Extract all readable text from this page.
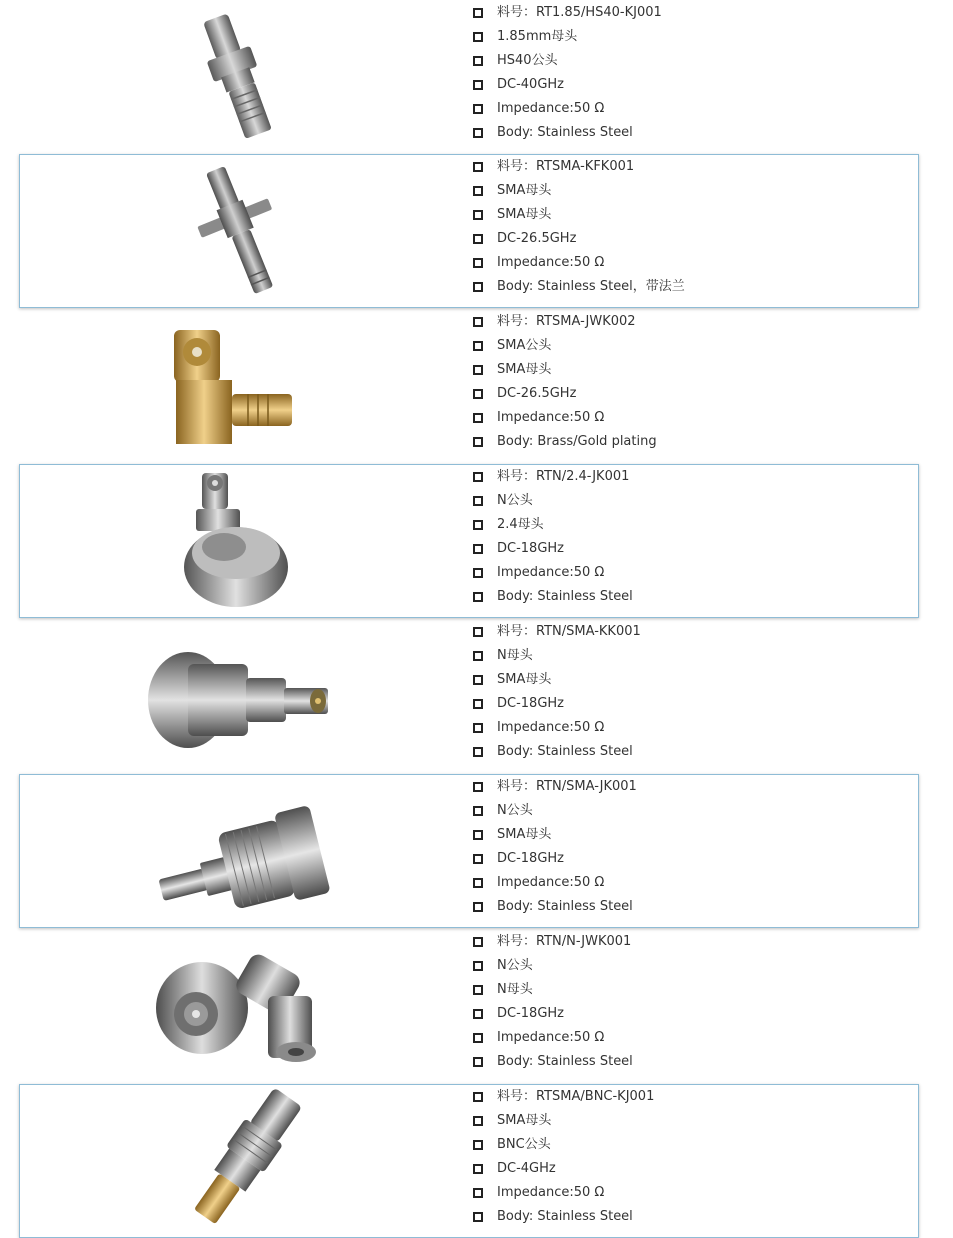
料号：RT1.85/HS40-KJ001
1.85mm母头
HS40公头
DC-40GHz
Impedance:50 Ω
Body: Stainless Steel
料号：RTSMA-KFK001
SMA母头
SMA母头
DC-26.5GHz
Impedance:50 Ω
Body: Stainless Steel，带法兰
料号：RTSMA-JWK002
SMA公头
SMA母头
DC-26.5GHz
Impedance:50 Ω
Body: Brass/Gold plating
料号：RTN/2.4-JK001
N公头
2.4母头
DC-18GHz
Impedance:50 Ω
Body: Stainless Steel
料号：RTN/SMA-KK001
N母头
SMA母头
DC-18GHz
Impedance:50 Ω
Body: Stainless Steel
料号：RTN/SMA-JK001
N公头
SMA母头
DC-18GHz
Impedance:50 Ω
Body: Stainless Steel
料号：RTN/N-JWK001
N公头
N母头
DC-18GHz
Impedance:50 Ω
Body: Stainless Steel
料号：RTSMA/BNC-KJ001
SMA母头
BNC公头
DC-4GHz
Impedance:50 Ω
Body: Stainless Steel
